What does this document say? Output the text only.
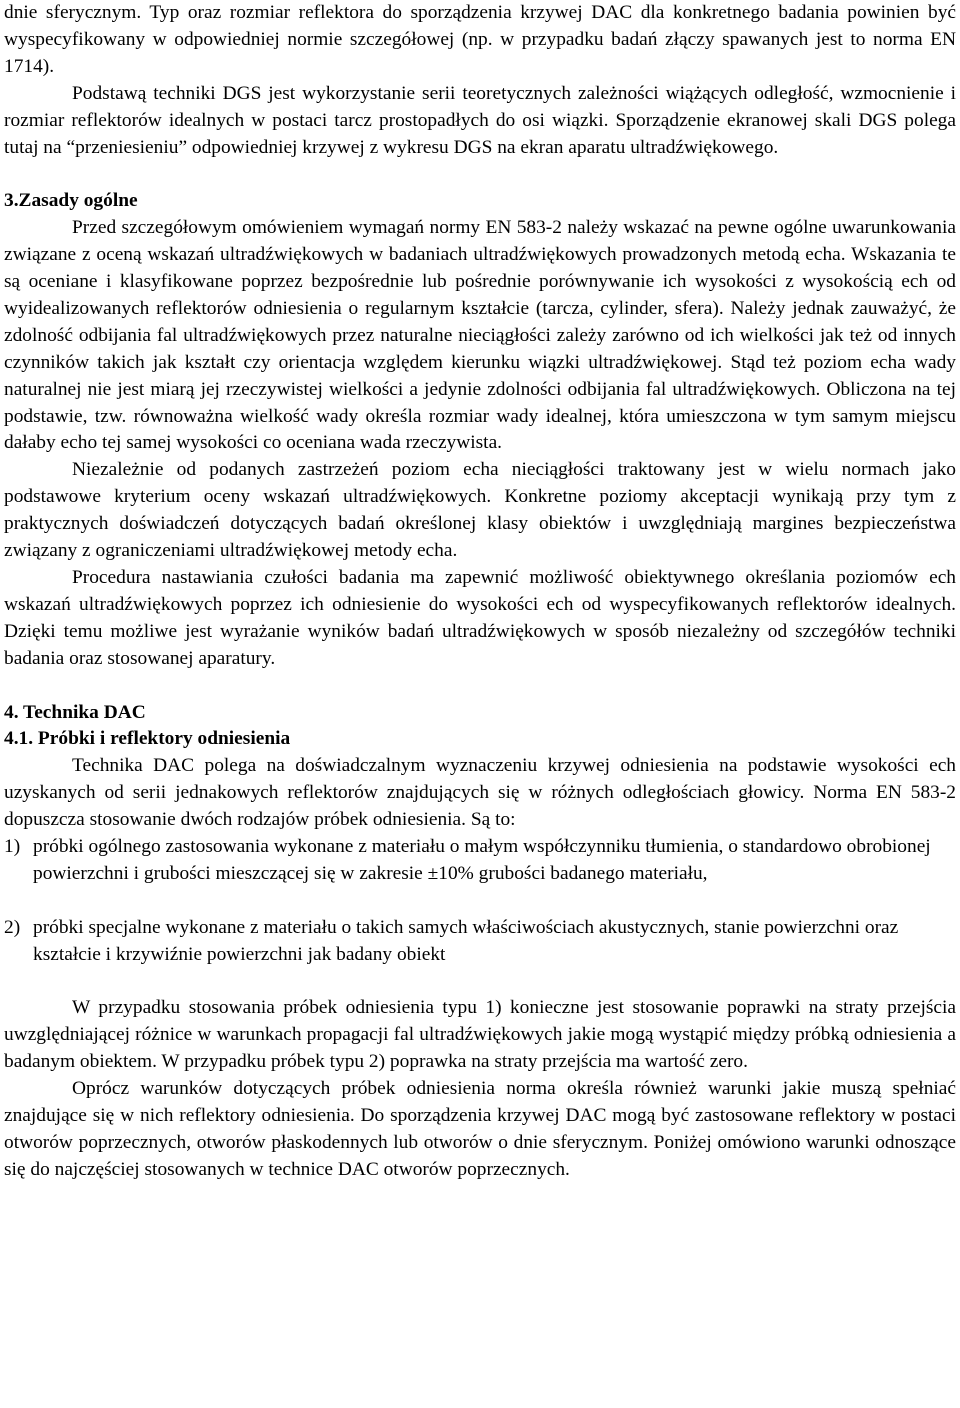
dnie sferycznym. Typ oraz rozmiar reflektora do sporządzenia krzywej DAC dla konkretnego badania powinien być wyspecyfikowany w odpowiedniej normie szczegółowej (np. w przypadku badań złączy spawanych jest to norma EN 1714).

Podstawą techniki DGS jest wykorzystanie serii teoretycznych zależności wiążących odległość, wzmocnienie i rozmiar reflektorów idealnych w postaci tarcz prostopadłych do osi wiązki. Sporządzenie ekranowej skali DGS polega tutaj na “przeniesieniu” odpowiedniej krzywej z wykresu DGS na ekran aparatu ultradźwiękowego.

3.Zasady ogólne

Przed szczegółowym omówieniem wymagań normy EN 583-2 należy wskazać na pewne ogólne uwarunkowania związane z oceną wskazań ultradźwiękowych w badaniach ultradźwiękowych prowadzonych metodą echa. Wskazania te są oceniane i klasyfikowane poprzez bezpośrednie lub pośrednie porównywanie ich wysokości z wysokością ech od wyidealizowanych reflektorów odniesienia o regularnym kształcie (tarcza, cylinder, sfera). Należy jednak zauważyć, że zdolność odbijania fal ultradźwiękowych przez naturalne nieciągłości zależy zarówno od ich wielkości jak też od innych czynników takich jak kształt czy orientacja względem kierunku wiązki ultradźwiękowej. Stąd też poziom echa wady naturalnej nie jest miarą jej rzeczywistej wielkości a jedynie zdolności odbijania fal ultradźwiękowych. Obliczona na tej podstawie, tzw. równoważna wielkość wady określa rozmiar wady idealnej, która umieszczona w tym samym miejscu dałaby echo tej samej wysokości co oceniana wada rzeczywista.

Niezależnie od podanych zastrzeżeń poziom echa nieciągłości traktowany jest w wielu normach jako podstawowe kryterium oceny wskazań ultradźwiękowych. Konkretne poziomy akceptacji wynikają przy tym z praktycznych doświadczeń dotyczących badań określonej klasy obiektów i uwzględniają margines bezpieczeństwa związany z ograniczeniami ultradźwiękowej metody echa.

Procedura nastawiania czułości badania ma zapewnić możliwość obiektywnego określania poziomów ech wskazań ultradźwiękowych poprzez ich odniesienie do wysokości ech od wyspecyfikowanych reflektorów idealnych. Dzięki temu możliwe jest wyrażanie wyników badań ultradźwiękowych w sposób niezależny od szczegółów techniki badania oraz stosowanej aparatury.

4. Technika DAC

4.1. Próbki i reflektory odniesienia

Technika DAC polega na doświadczalnym wyznaczeniu krzywej odniesienia na podstawie wysokości ech uzyskanych od serii jednakowych reflektorów znajdujących się w różnych odległościach głowicy. Norma EN 583-2 dopuszcza stosowanie dwóch rodzajów próbek odniesienia. Są to:

1) próbki ogólnego zastosowania wykonane z materiału o małym współczynniku tłumienia, o standardowo obrobionej powierzchni i grubości mieszczącej się w zakresie ±10% grubości badanego materiału,

2) próbki specjalne wykonane z materiału o takich samych właściwościach akustycznych, stanie powierzchni oraz kształcie i krzywiźnie powierzchni jak badany obiekt

W przypadku stosowania próbek odniesienia typu 1) konieczne jest stosowanie poprawki na straty przejścia uwzględniającej różnice w warunkach propagacji fal ultradźwiękowych jakie mogą wystąpić między próbką odniesienia a badanym obiektem. W przypadku próbek typu 2) poprawka na straty przejścia ma wartość zero.

Oprócz warunków dotyczących próbek odniesienia norma określa również warunki jakie muszą spełniać znajdujące się w nich reflektory odniesienia. Do sporządzenia krzywej DAC mogą być zastosowane reflektory w postaci otworów poprzecznych, otworów płaskodennych lub otworów o dnie sferycznym. Poniżej omówiono warunki odnoszące się do najczęściej stosowanych w technice DAC otworów poprzecznych.
